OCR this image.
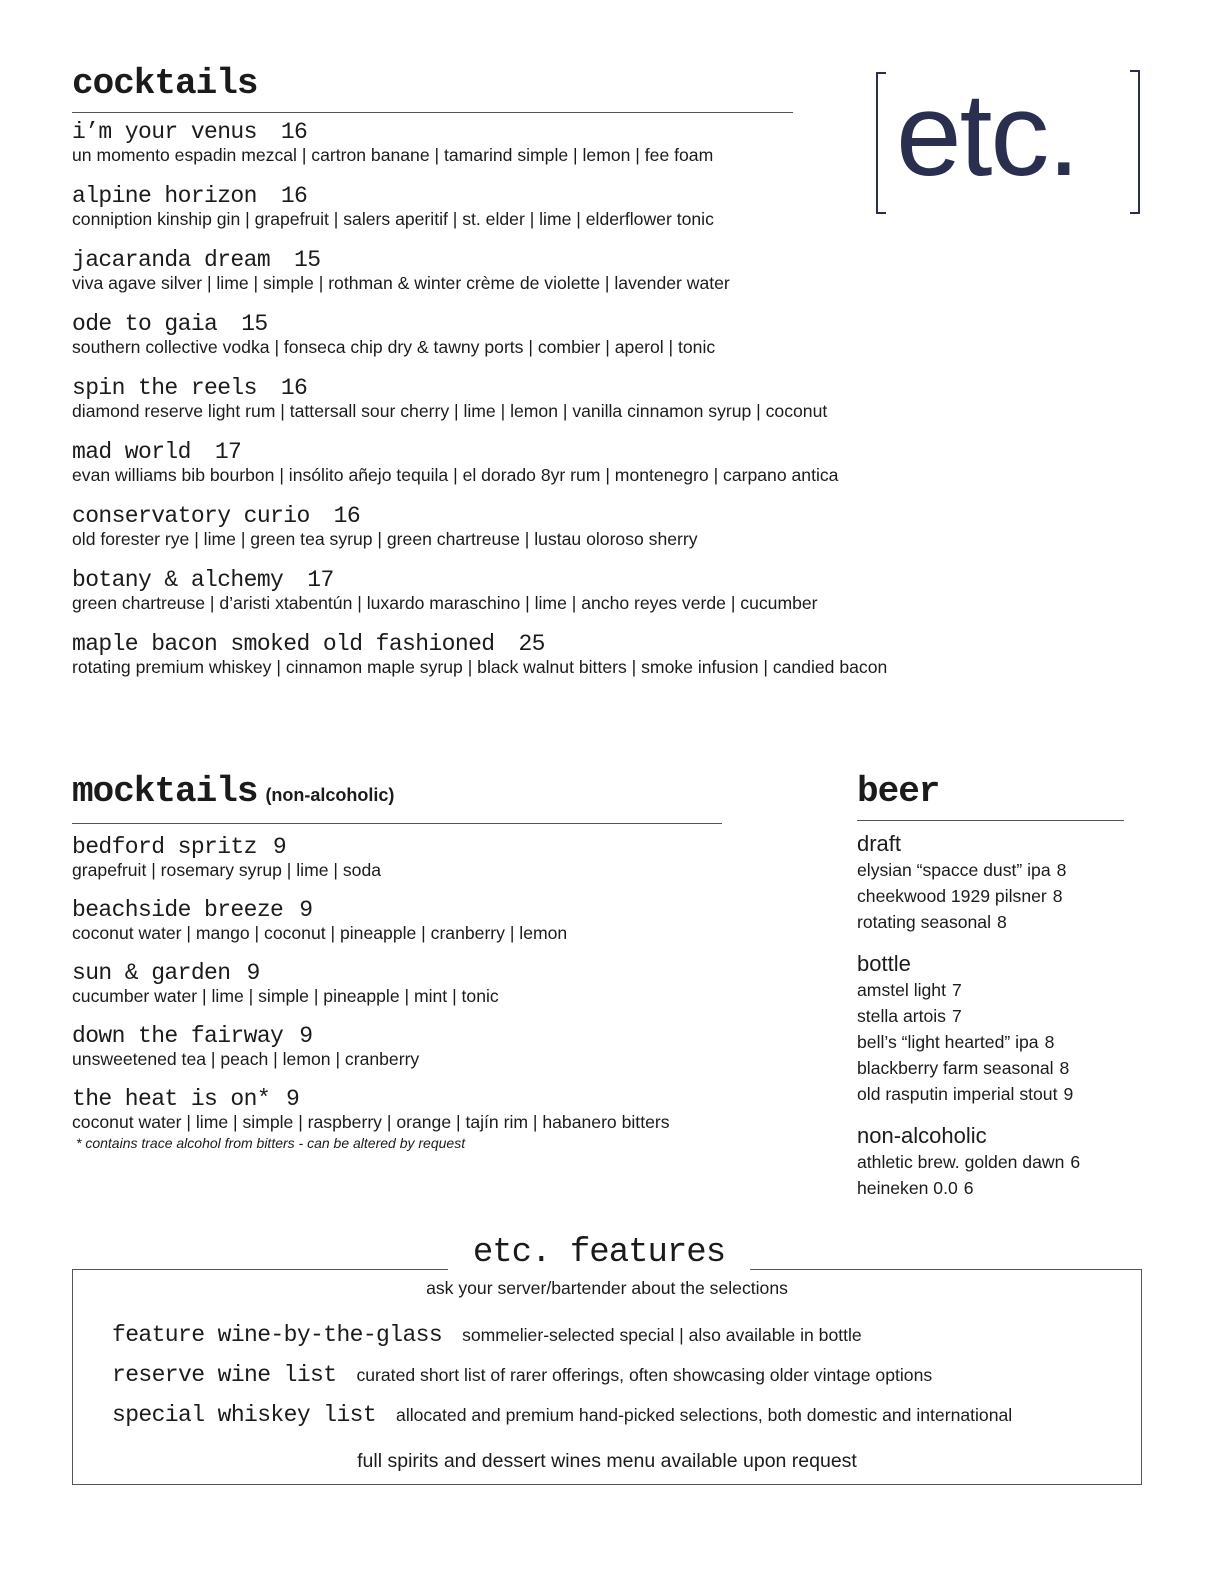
etc.
cocktails
i’m your venus 16
un momento espadin mezcal | cartron banane | tamarind simple | lemon | fee foam
alpine horizon 16
conniption kinship gin | grapefruit | salers aperitif | st. elder | lime | elderflower tonic
jacaranda dream 15
viva agave silver | lime | simple | rothman & winter crème de violette | lavender water
ode to gaia 15
southern collective vodka | fonseca chip dry & tawny ports | combier | aperol | tonic
spin the reels 16
diamond reserve light rum | tattersall sour cherry | lime | lemon | vanilla cinnamon syrup | coconut
mad world 17
evan williams bib bourbon | insólito añejo tequila | el dorado 8yr rum | montenegro | carpano antica
conservatory curio 16
old forester rye | lime | green tea syrup | green chartreuse | lustau oloroso sherry
botany & alchemy 17
green chartreuse | d’aristi xtabentún | luxardo maraschino | lime | ancho reyes verde | cucumber
maple bacon smoked old fashioned 25
rotating premium whiskey | cinnamon maple syrup | black walnut bitters | smoke infusion | candied bacon
mocktails (non-alcoholic)
bedford spritz 9
grapefruit | rosemary syrup | lime | soda
beachside breeze 9
coconut water | mango | coconut | pineapple | cranberry | lemon
sun & garden 9
cucumber water | lime | simple | pineapple | mint | tonic
down the fairway 9
unsweetened tea | peach | lemon | cranberry
the heat is on* 9
coconut water | lime | simple | raspberry | orange | tajín rim | habanero bitters
* contains trace alcohol from bitters - can be altered by request
beer
draft
elysian “spacce dust” ipa 8
cheekwood 1929 pilsner 8
rotating seasonal 8
bottle
amstel light 7
stella artois 7
bell’s “light hearted” ipa 8
blackberry farm seasonal 8
old rasputin imperial stout 9
non-alcoholic
athletic brew. golden dawn 6
heineken 0.0 6
etc. features
ask your server/bartender about the selections
feature wine-by-the-glass sommelier-selected special | also available in bottle
reserve wine list curated short list of rarer offerings, often showcasing older vintage options
special whiskey list allocated and premium hand-picked selections, both domestic and international
full spirits and dessert wines menu available upon request
